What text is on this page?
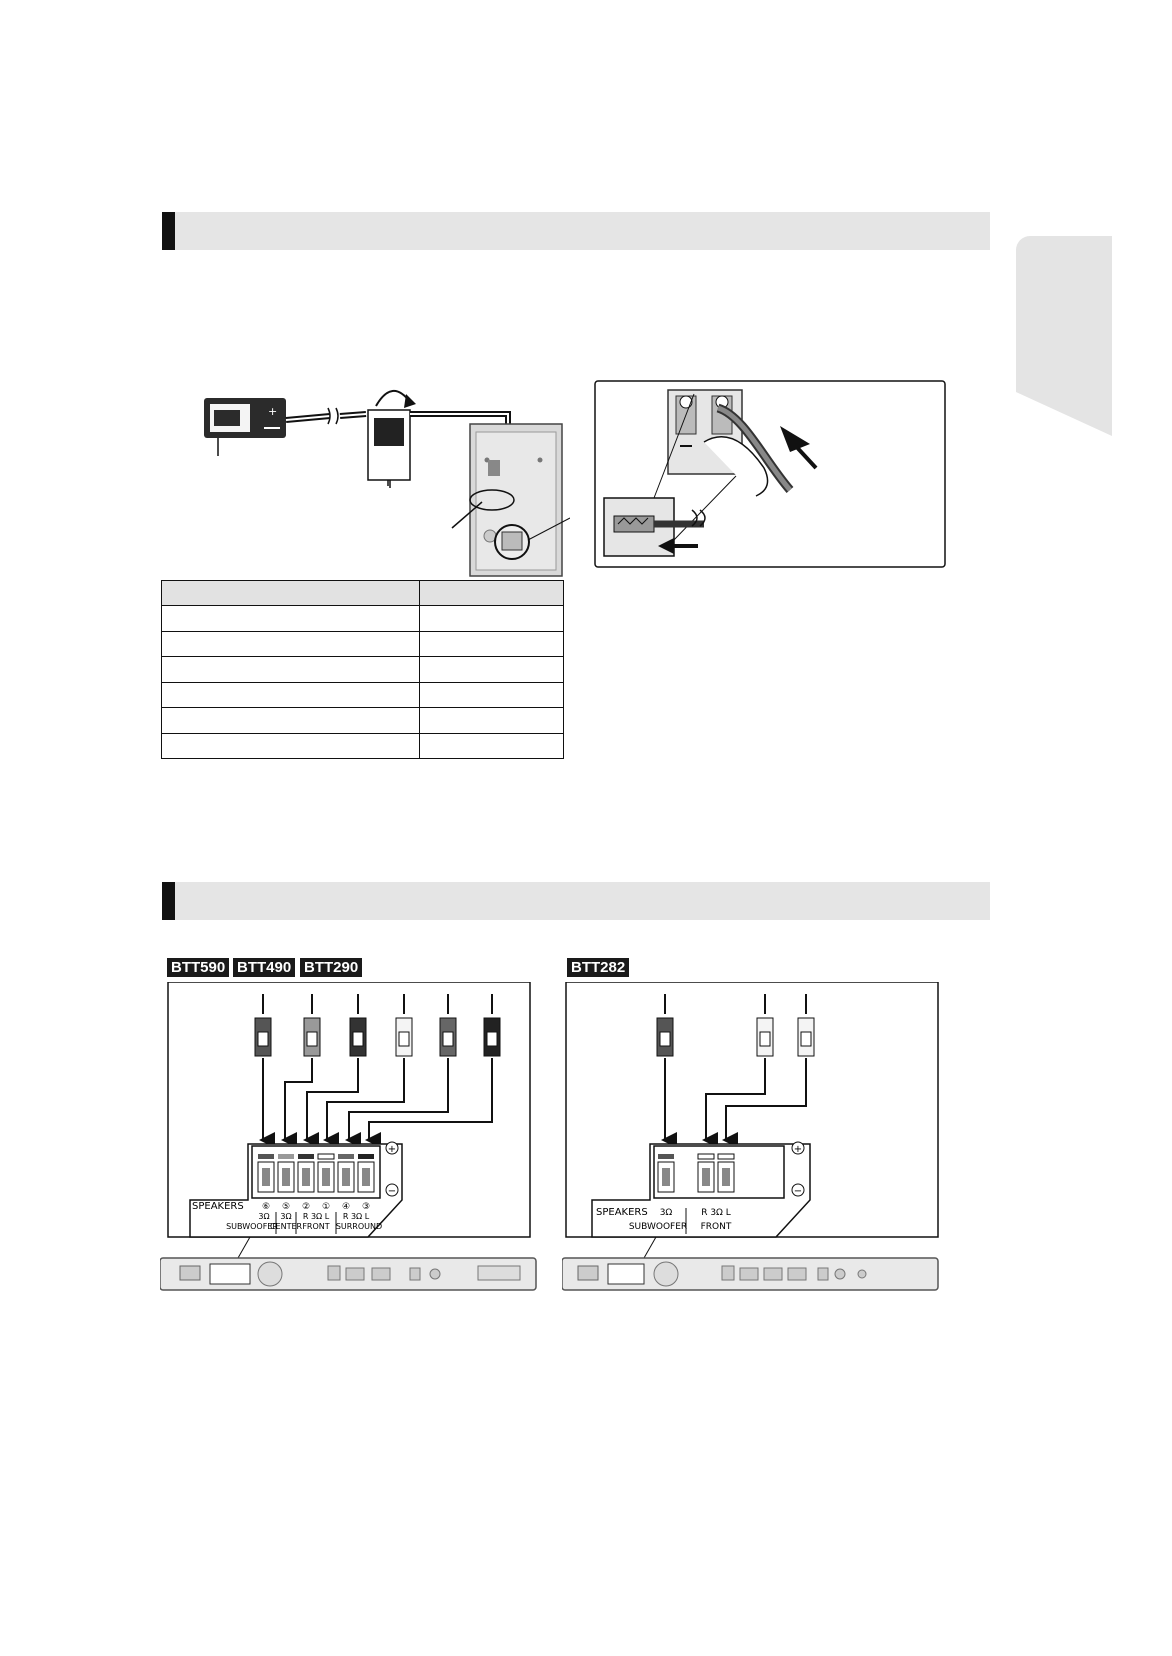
+

BTT590 BTT490 BTT290	BTT282
+
−
SPEAKERS ⑥ ⑤ ② ① ④ ③
3Ω 3Ω R 3Ω L R 3Ω L
SUBWOOFER
CENTER FRONT SURROUND
+
−
SPEAKERS 3Ω	R 3Ω L
SUBWOOFER FRONT
